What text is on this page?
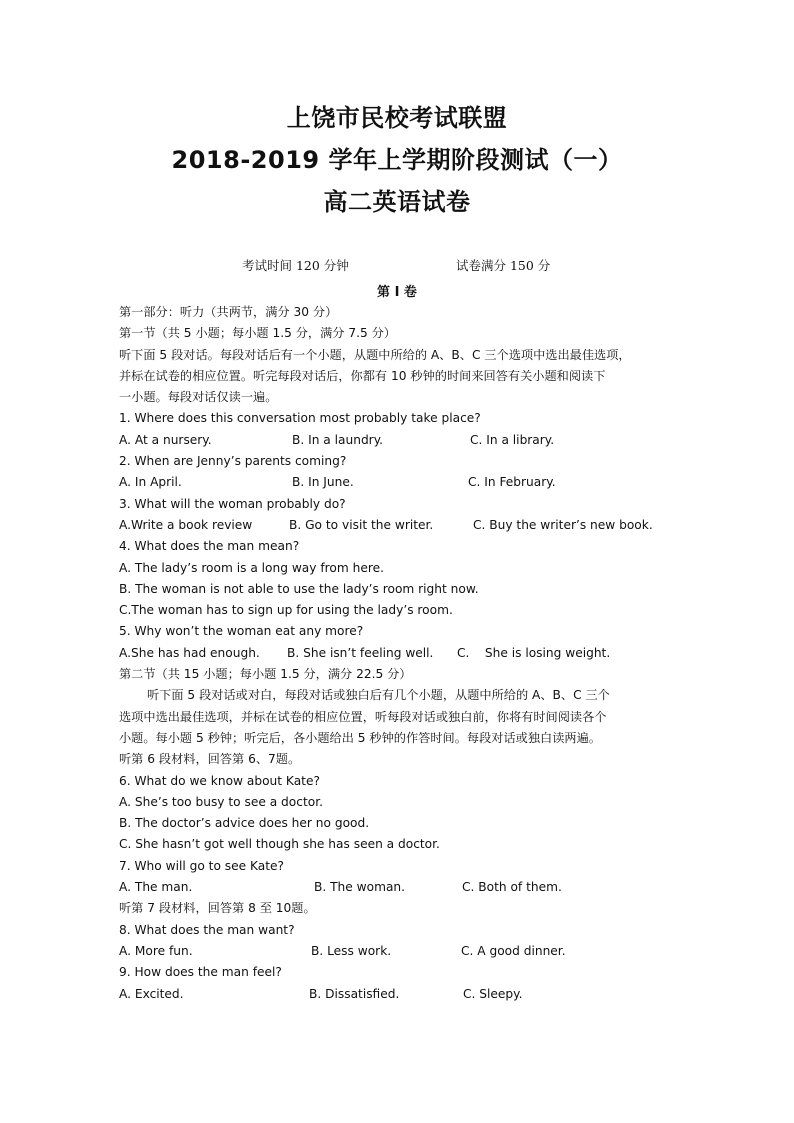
上饶市民校考试联盟
2018-2019 学年上学期阶段测试（一）
高二英语试卷
考试时间 120 分钟	试卷满分 150 分
第 I 卷
第一部分：听力（共两节，满分 30 分）
第一节（共 5 小题；每小题 1.5 分，满分 7.5 分）
听下面 5 段对话。每段对话后有一个小题，从题中所给的 A、B、C 三个选项中选出最佳选项，
并标在试卷的相应位置。听完每段对话后，你都有 10 秒钟的时间来回答有关小题和阅读下
一小题。每段对话仅读一遍。
1. Where does this conversation most probably take place?
A. At a nursery.	B. In a laundry.	C. In a library.
2. When are Jenny’s parents coming?
A. In April.	B. In June.	C. In February.
3. What will the woman probably do?
A.Write a book review	B. Go to visit the writer.	C. Buy the writer’s new book.
4. What does the man mean?
A. The lady’s room is a long way from here.
B. The woman is not able to use the lady’s room right now.
C.The woman has to sign up for using the lady’s room.
5. Why won’t the woman eat any more?
A.She has had enough. B. She isn’t feeling well. C.    She is losing weight.
第二节（共 15 小题；每小题 1.5 分，满分 22.5 分）
听下面 5 段对话或对白，每段对话或独白后有几个小题，从题中所给的 A、B、C 三个
选项中选出最佳选项，并标在试卷的相应位置，听每段对话或独白前，你将有时间阅读各个
小题。每小题 5 秒钟；听完后，各小题给出 5 秒钟的作答时间。每段对话或独白读两遍。
听第 6 段材料，回答第 6、7题。
6. What do we know about Kate?
A. She’s too busy to see a doctor.
B. The doctor’s advice does her no good.
C. She hasn’t got well though she has seen a doctor.
7. Who will go to see Kate?
A. The man.	B. The woman.	C. Both of them.
听第 7 段材料，回答第 8 至 10题。
8. What does the man want?
A. More fun.	B. Less work.	C. A good dinner.
9. How does the man feel?
A. Excited.	B. Dissatisfied.	C. Sleepy.
